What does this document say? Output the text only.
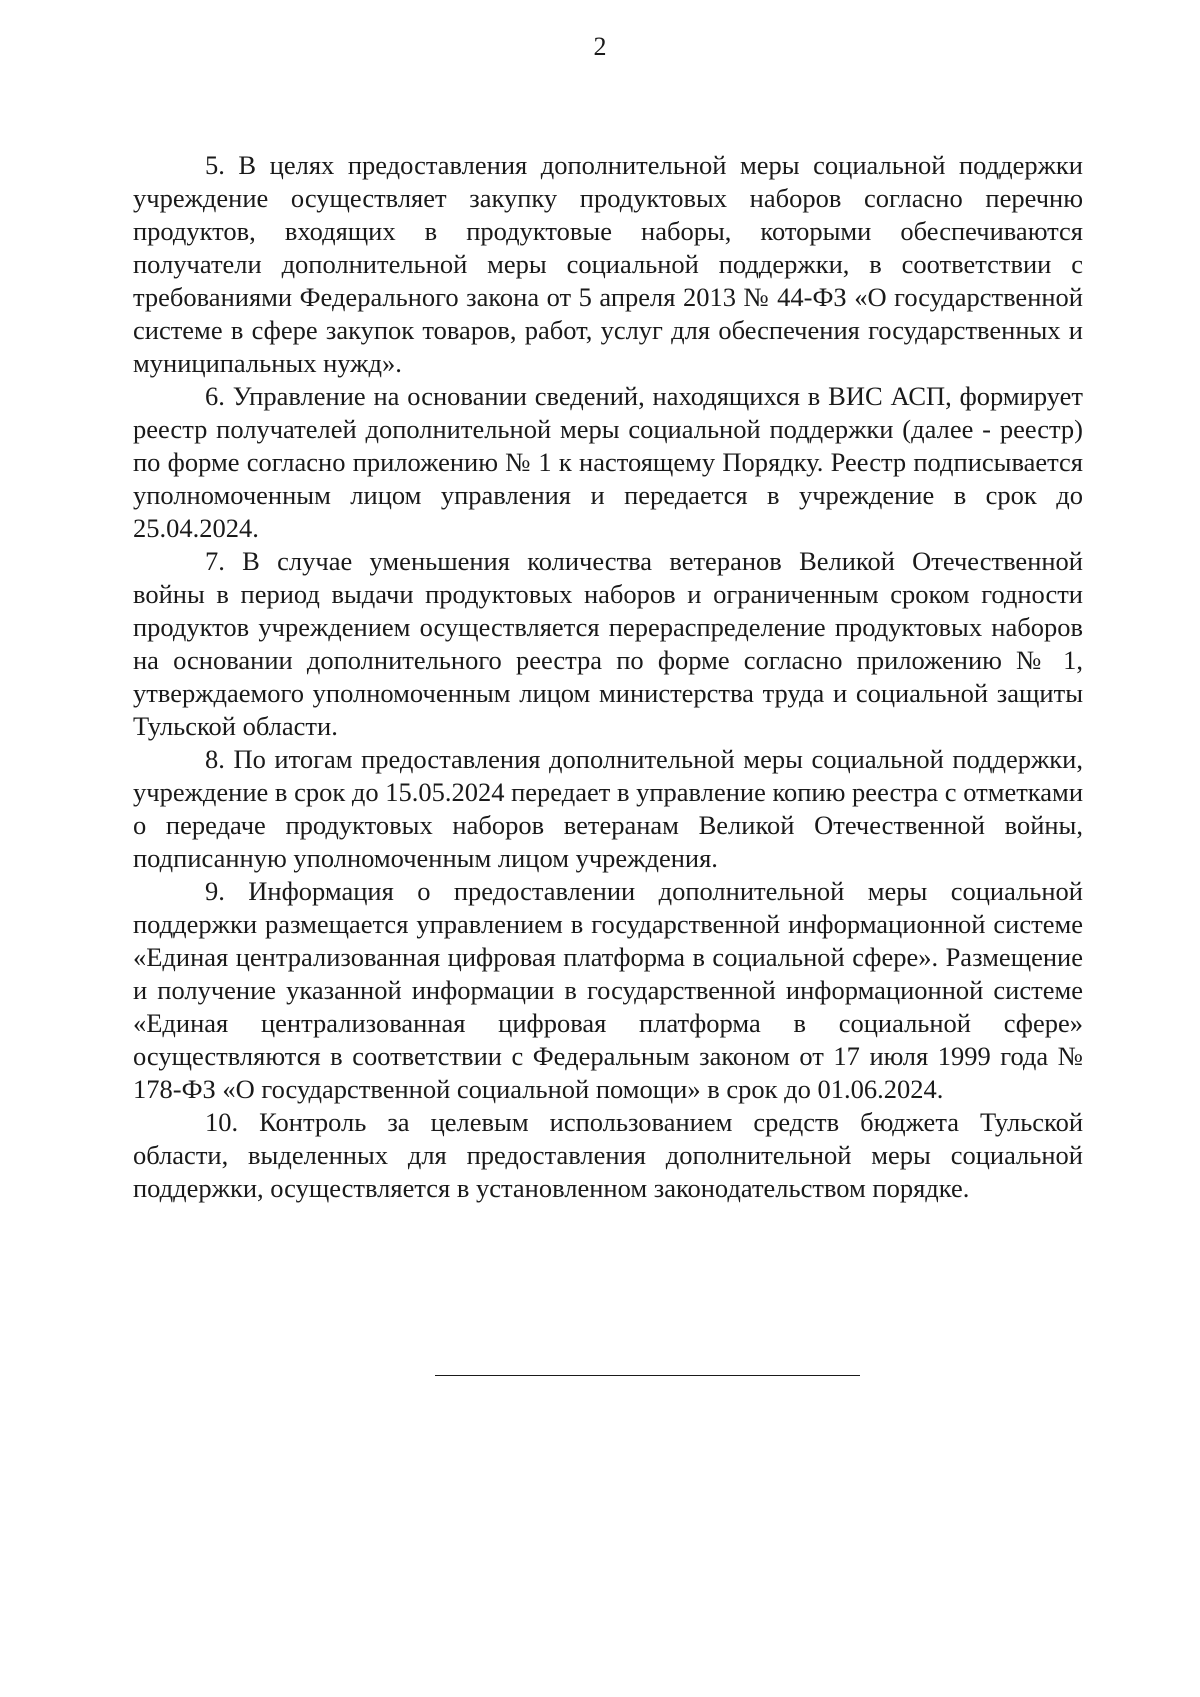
2

5. В целях предоставления дополнительной меры социальной поддержки учреждение осуществляет закупку продуктовых наборов согласно перечню продуктов, входящих в продуктовые наборы, которыми обеспечиваются получатели дополнительной меры социальной поддержки, в соответствии с требованиями Федерального закона от 5 апреля 2013 № 44-ФЗ «О государственной системе в сфере закупок товаров, работ, услуг для обеспечения государственных и муниципальных нужд».

6. Управление на основании сведений, находящихся в ВИС АСП, формирует реестр получателей дополнительной меры социальной поддержки (далее - реестр) по форме согласно приложению № 1 к настоящему Порядку. Реестр подписывается уполномоченным лицом управления и передается в учреждение в срок до 25.04.2024.

7. В случае уменьшения количества ветеранов Великой Отечественной войны в период выдачи продуктовых наборов и ограниченным сроком годности продуктов учреждением осуществляется перераспределение продуктовых наборов на основании дополнительного реестра по форме согласно приложению № 1, утверждаемого уполномоченным лицом министерства труда и социальной защиты Тульской области.

8. По итогам предоставления дополнительной меры социальной поддержки, учреждение в срок до 15.05.2024 передает в управление копию реестра с отметками о передаче продуктовых наборов ветеранам Великой Отечественной войны, подписанную уполномоченным лицом учреждения.

9. Информация о предоставлении дополнительной меры социальной поддержки размещается управлением в государственной информационной системе «Единая централизованная цифровая платформа в социальной сфере». Размещение и получение указанной информации в государственной информационной системе «Единая централизованная цифровая платформа в социальной сфере» осуществляются в соответствии с Федеральным законом от 17 июля 1999 года № 178-ФЗ «О государственной социальной помощи» в срок до 01.06.2024.

10. Контроль за целевым использованием средств бюджета Тульской области, выделенных для предоставления дополнительной меры социальной поддержки, осуществляется в установленном законодательством порядке.
